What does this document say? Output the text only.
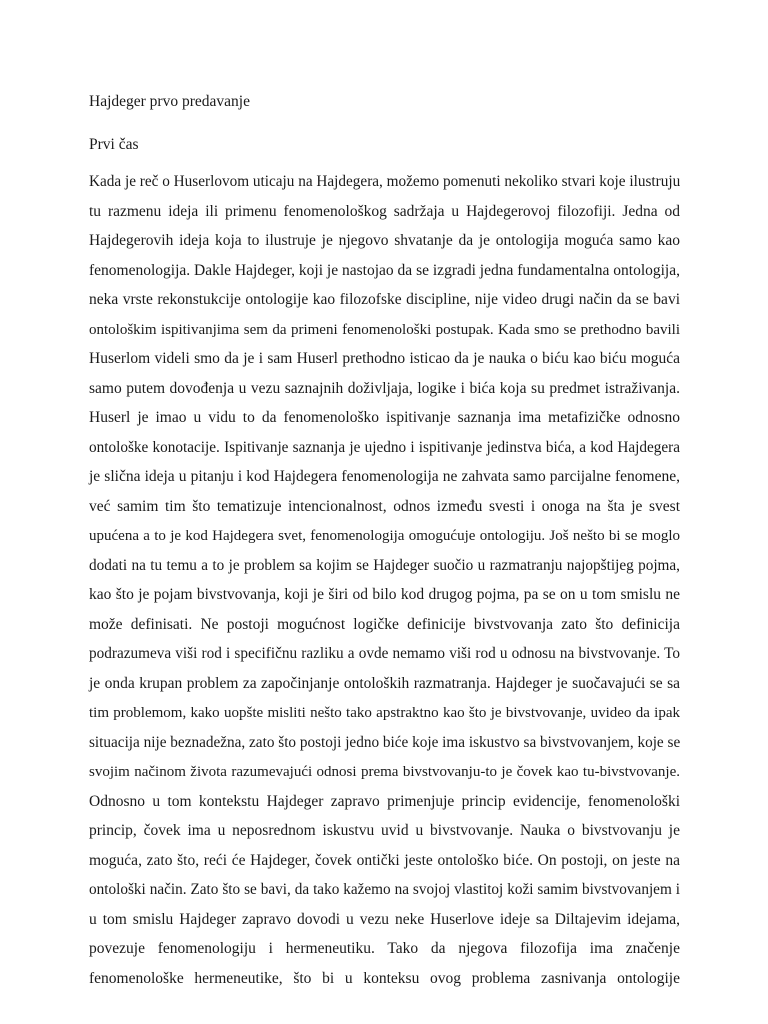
Hajdeger prvo predavanje
Prvi čas
Kada je reč o Huserlovom uticaju na Hajdegera, možemo pomenuti nekoliko stvari koje ilustruju
tu razmenu ideja ili primenu fenomenološkog sadržaja u Hajdegerovoj filozofiji. Jedna od
Hajdegerovih ideja koja to ilustruje je njegovo shvatanje da je ontologija moguća samo kao
fenomenologija. Dakle Hajdeger, koji je nastojao da se izgradi jedna fundamentalna ontologija,
neka vrste rekonstukcije ontologije kao filozofske discipline, nije video drugi način da se bavi
ontološkim ispitivanjima sem da primeni fenomenološki postupak. Kada smo se prethodno bavili
Huserlom videli smo da je i sam Huserl prethodno isticao da je nauka o biću kao biću moguća
samo putem dovođenja u vezu saznajnih doživljaja, logike i bića koja su predmet istraživanja.
Huserl je imao u vidu to da fenomenološko ispitivanje saznanja ima metafizičke odnosno
ontološke konotacije. Ispitivanje saznanja je ujedno i ispitivanje jedinstva bića, a kod Hajdegera
je slična ideja u pitanju i kod Hajdegera fenomenologija ne zahvata samo parcijalne fenomene,
već samim tim što tematizuje intencionalnost, odnos između svesti i onoga na šta je svest
upućena a to je kod Hajdegera svet, fenomenologija omogućuje ontologiju. Još nešto bi se moglo
dodati na tu temu a to je problem sa kojim se Hajdeger suočio u razmatranju najopštijeg pojma,
kao što je pojam bivstvovanja, koji je širi od bilo kod drugog pojma, pa se on u tom smislu ne
može definisati. Ne postoji mogućnost logičke definicije bivstvovanja zato što definicija
podrazumeva viši rod i specifičnu razliku a ovde nemamo viši rod u odnosu na bivstvovanje. To
je onda krupan problem za započinjanje ontoloških razmatranja. Hajdeger je suočavajući se sa
tim problemom, kako uopšte misliti nešto tako apstraktno kao što je bivstvovanje, uvideo da ipak
situacija nije beznadežna, zato što postoji jedno biće koje ima iskustvo sa bivstvovanjem, koje se
svojim načinom života razumevajući odnosi prema bivstvovanju-to je čovek kao tu-bivstvovanje.
Odnosno u tom kontekstu Hajdeger zapravo primenjuje princip evidencije, fenomenološki
princip, čovek ima u neposrednom iskustvu uvid u bivstvovanje. Nauka o bivstvovanju je
moguća, zato što, reći će Hajdeger, čovek ontički jeste ontološko biće. On postoji, on jeste na
ontološki način. Zato što se bavi, da tako kažemo na svojoj vlastitoj koži samim bivstvovanjem i
u tom smislu Hajdeger zapravo dovodi u vezu neke Huserlove ideje sa Diltajevim idejama,
povezuje fenomenologiju i hermeneutiku. Tako da njegova filozofija ima značenje
fenomenološke hermeneutike, što bi u konteksu ovog problema zasnivanja ontologije
